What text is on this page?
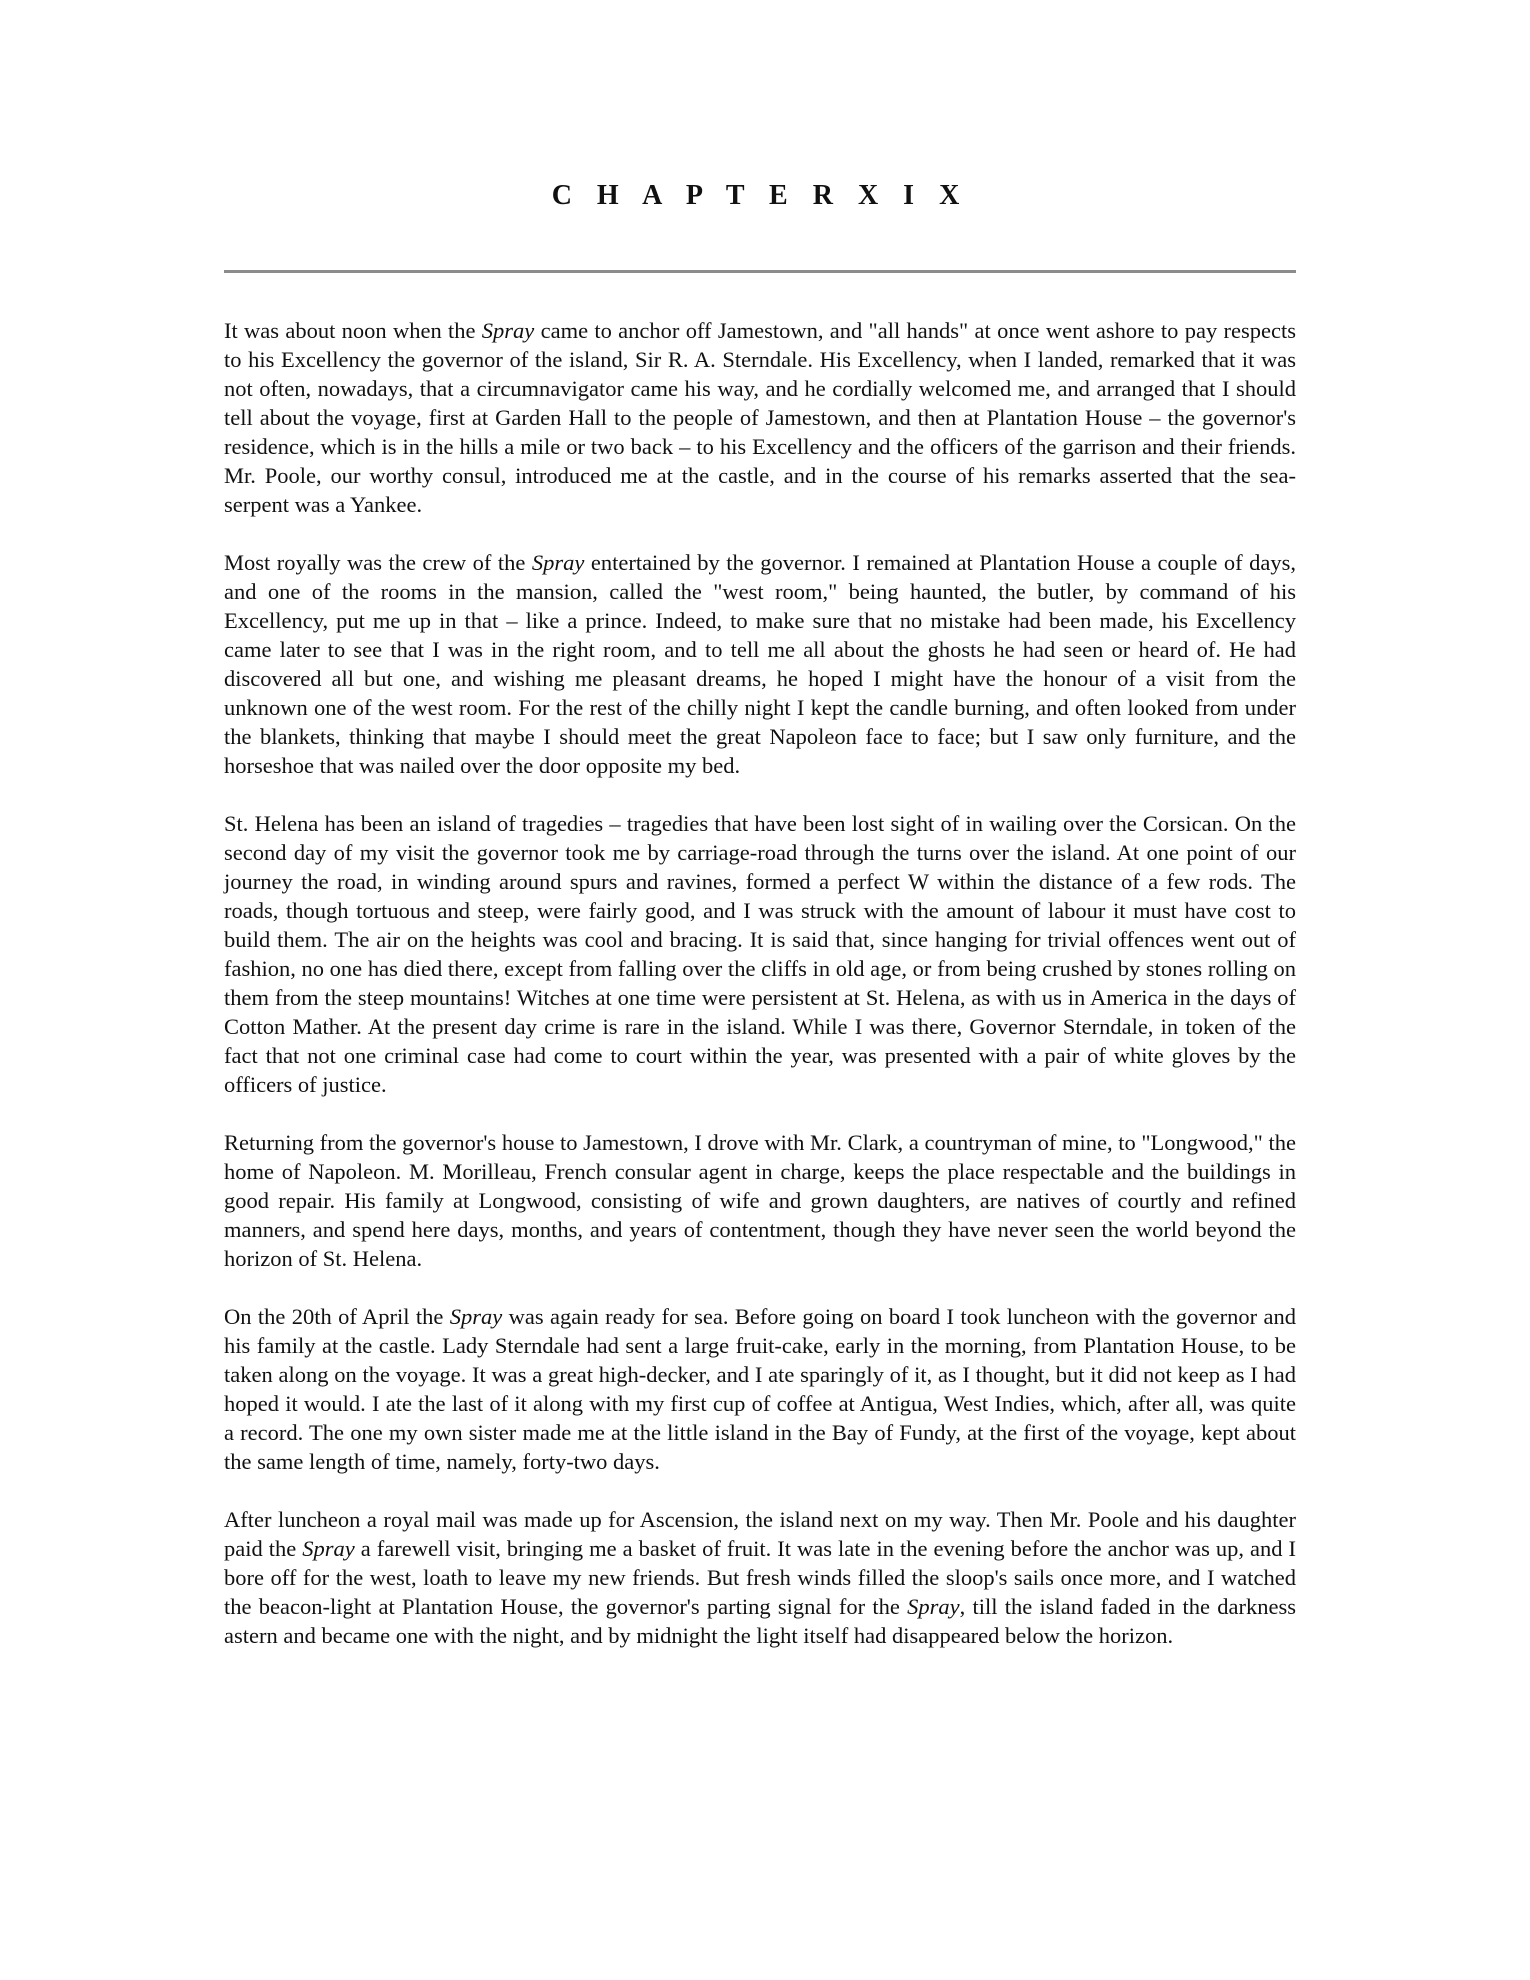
C H A P T E R X I X

It was about noon when the Spray came to anchor off Jamestown, and "all hands" at once went ashore to pay respects to his Excellency the governor of the island, Sir R. A. Sterndale. His Excellency, when I landed, remarked that it was not often, nowadays, that a circumnavigator came his way, and he cordially welcomed me, and arranged that I should tell about the voyage, first at Garden Hall to the people of Jamestown, and then at Plantation House – the governor's residence, which is in the hills a mile or two back – to his Excellency and the officers of the garrison and their friends. Mr. Poole, our worthy consul, introduced me at the castle, and in the course of his remarks asserted that the sea-serpent was a Yankee.

Most royally was the crew of the Spray entertained by the governor. I remained at Plantation House a couple of days, and one of the rooms in the mansion, called the "west room," being haunted, the butler, by command of his Excellency, put me up in that – like a prince. Indeed, to make sure that no mistake had been made, his Excellency came later to see that I was in the right room, and to tell me all about the ghosts he had seen or heard of. He had discovered all but one, and wishing me pleasant dreams, he hoped I might have the honour of a visit from the unknown one of the west room. For the rest of the chilly night I kept the candle burning, and often looked from under the blankets, thinking that maybe I should meet the great Napoleon face to face; but I saw only furniture, and the horseshoe that was nailed over the door opposite my bed.

St. Helena has been an island of tragedies – tragedies that have been lost sight of in wailing over the Corsican. On the second day of my visit the governor took me by carriage-road through the turns over the island. At one point of our journey the road, in winding around spurs and ravines, formed a perfect W within the distance of a few rods. The roads, though tortuous and steep, were fairly good, and I was struck with the amount of labour it must have cost to build them. The air on the heights was cool and bracing. It is said that, since hanging for trivial offences went out of fashion, no one has died there, except from falling over the cliffs in old age, or from being crushed by stones rolling on them from the steep mountains! Witches at one time were persistent at St. Helena, as with us in America in the days of Cotton Mather. At the present day crime is rare in the island. While I was there, Governor Sterndale, in token of the fact that not one criminal case had come to court within the year, was presented with a pair of white gloves by the officers of justice.

Returning from the governor's house to Jamestown, I drove with Mr. Clark, a countryman of mine, to "Longwood," the home of Napoleon. M. Morilleau, French consular agent in charge, keeps the place respectable and the buildings in good repair. His family at Longwood, consisting of wife and grown daughters, are natives of courtly and refined manners, and spend here days, months, and years of contentment, though they have never seen the world beyond the horizon of St. Helena.

On the 20th of April the Spray was again ready for sea. Before going on board I took luncheon with the governor and his family at the castle. Lady Sterndale had sent a large fruit-cake, early in the morning, from Plantation House, to be taken along on the voyage. It was a great high-decker, and I ate sparingly of it, as I thought, but it did not keep as I had hoped it would. I ate the last of it along with my first cup of coffee at Antigua, West Indies, which, after all, was quite a record. The one my own sister made me at the little island in the Bay of Fundy, at the first of the voyage, kept about the same length of time, namely, forty-two days.

After luncheon a royal mail was made up for Ascension, the island next on my way. Then Mr. Poole and his daughter paid the Spray a farewell visit, bringing me a basket of fruit. It was late in the evening before the anchor was up, and I bore off for the west, loath to leave my new friends. But fresh winds filled the sloop's sails once more, and I watched the beacon-light at Plantation House, the governor's parting signal for the Spray, till the island faded in the darkness astern and became one with the night, and by midnight the light itself had disappeared below the horizon.
